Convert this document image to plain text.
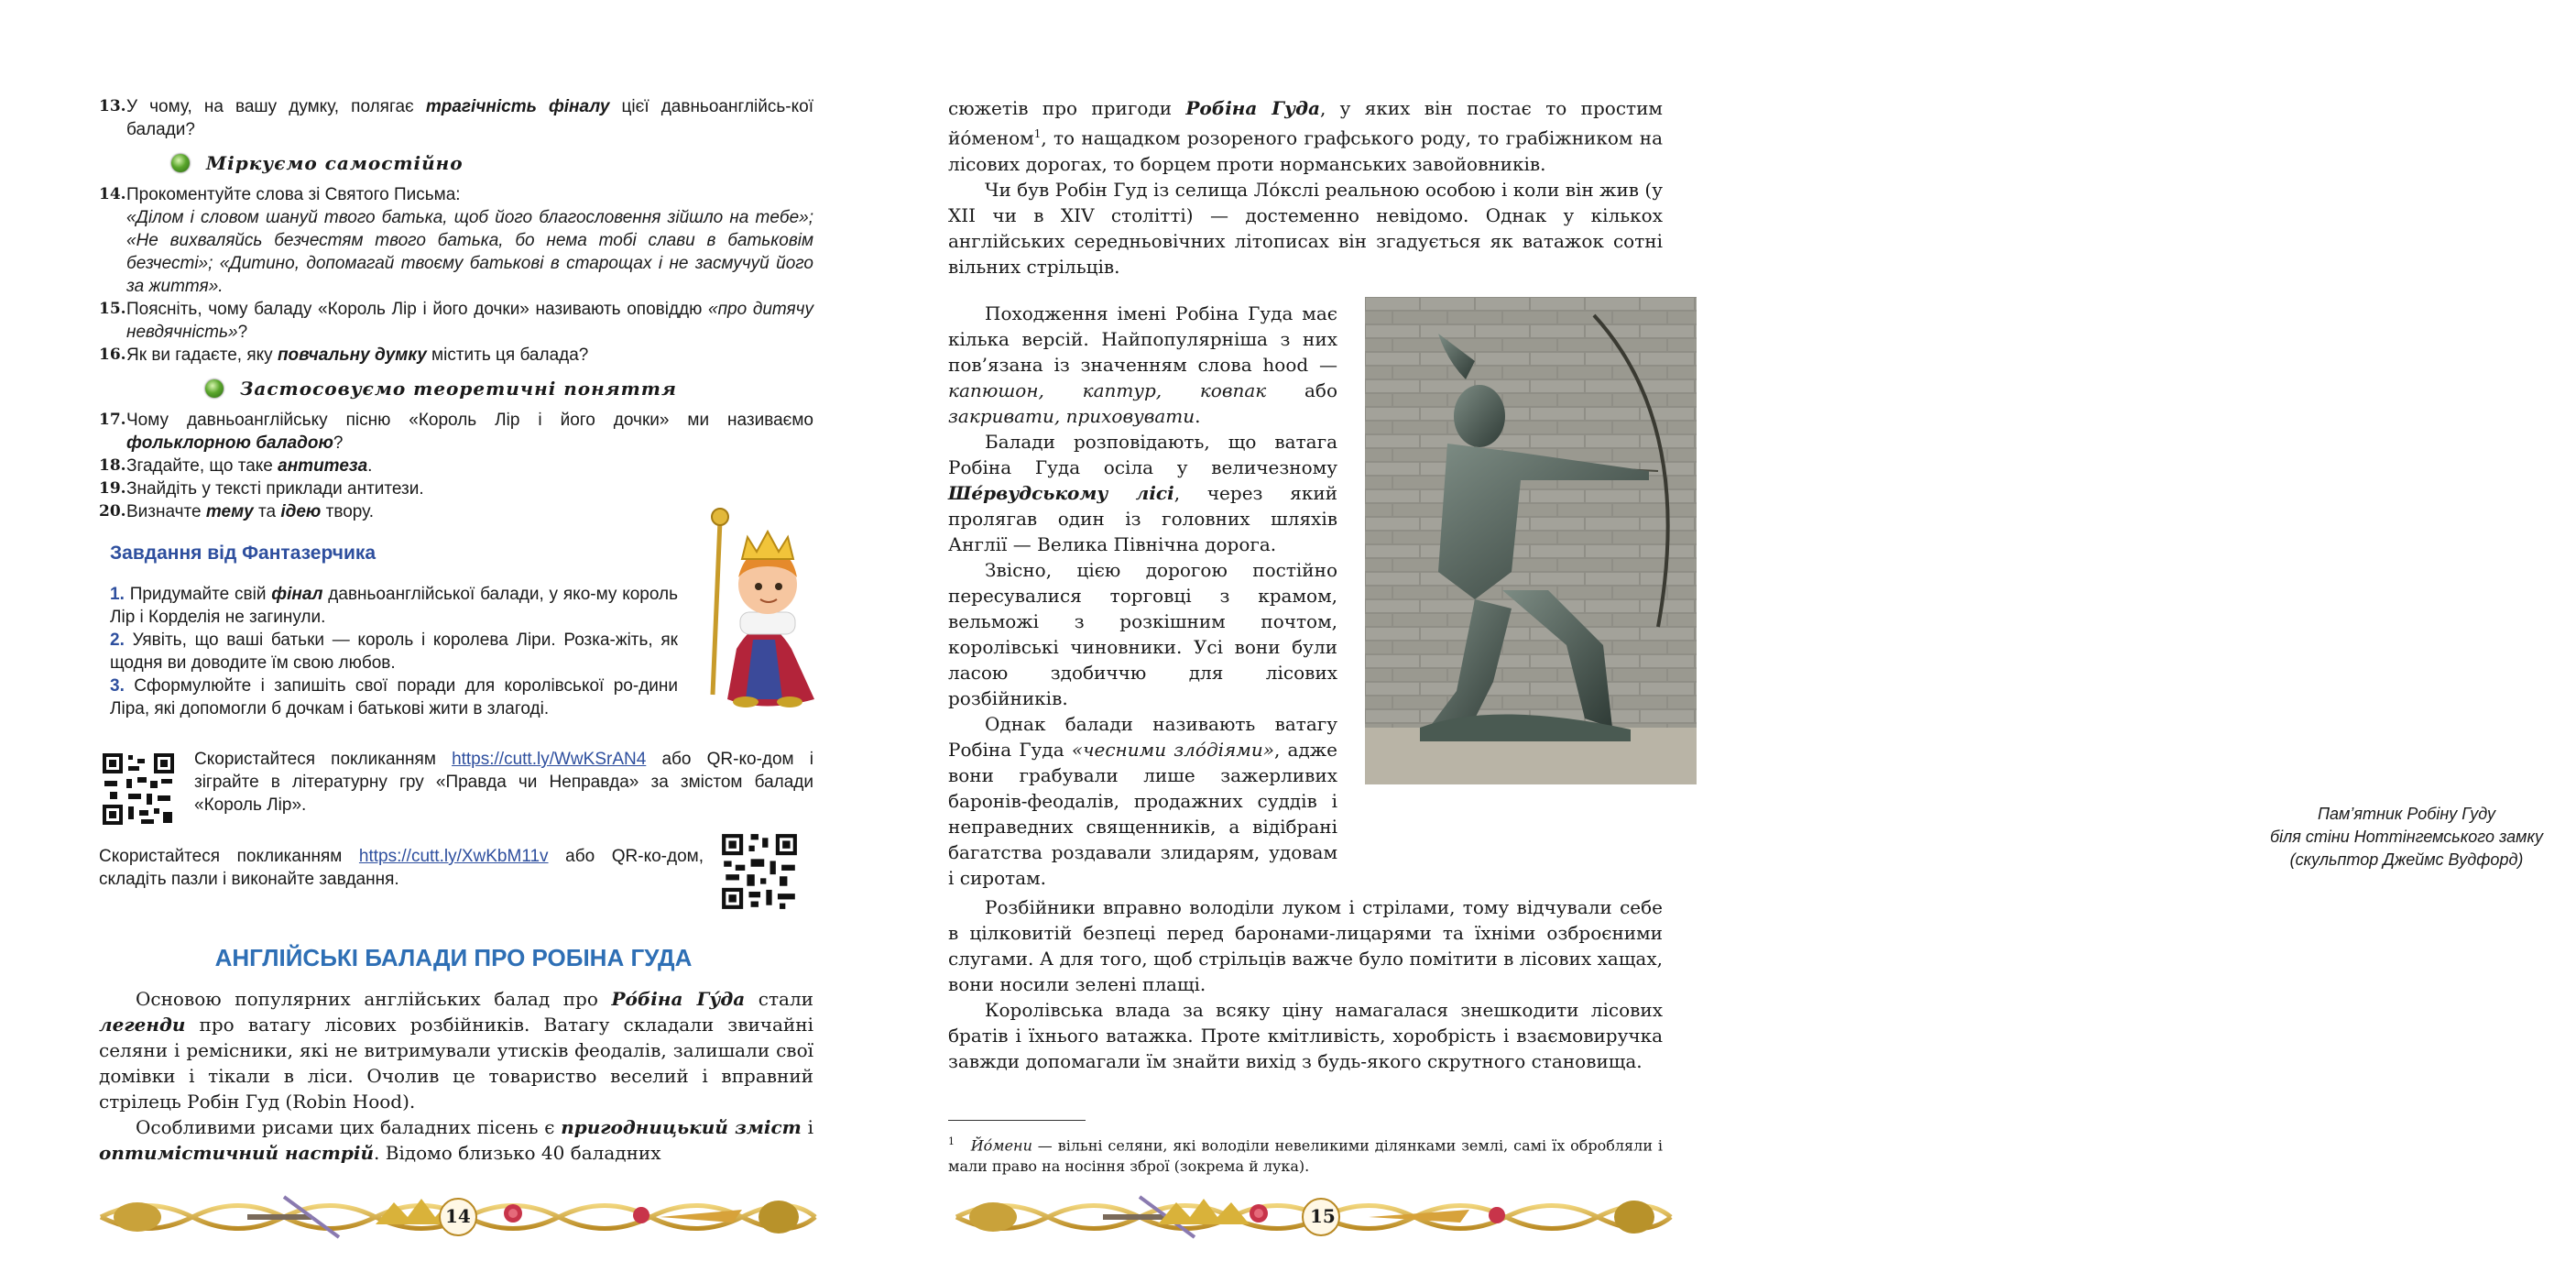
13. У чому, на вашу думку, полягає трагічність фіналу цієї давньоанглійсь-кої балади?
Міркуємо самостійно
14. Прокоментуйте слова зі Святого Письма:
«Ділом і словом шануй твого батька, щоб його благословення зійшло на тебе»; «Не вихваляйсь безчестям твого батька, бо нема тобі слави в батьковім безчесті»; «Дитино, допомагай твоєму батькові в старощах і не засмучуй його за життя».
15. Поясніть, чому баладу «Король Лір і його дочки» називають оповіддю «про дитячу невдячність»?
16. Як ви гадаєте, яку повчальну думку містить ця балада?
Застосовуємо теоретичні поняття
17. Чому давньоанглійську пісню «Король Лір і його дочки» ми називаємо фольклорною баладою?
18. Згадайте, що таке антитеза.
19. Знайдіть у тексті приклади антитези.
20. Визначте тему та ідею твору.
Завдання від Фантазерчика
1. Придумайте свій фінал давньоанглійської балади, у яко-му король Лір і Корделія не загинули.
2. Уявіть, що ваші батьки — король і королева Ліри. Розка-жіть, як щодня ви доводите їм свою любов.
3. Сформулюйте і запишіть свої поради для королівської ро-дини Ліра, які допомогли б дочкам і батькові жити в злагоді.
Скористайтеся покликанням https://cutt.ly/WwKSrAN4 або QR-ко-дом і зіграйте в літературну гру «Правда чи Неправда» за змістом балади «Король Лір».
Скористайтеся покликанням https://cutt.ly/XwKbM11v або QR-ко-дом, складіть пазли і виконайте завдання.
АНГЛІЙСЬКІ БАЛАДИ ПРО РОБІНА ГУДА

Основою популярних англійських балад про Ро́біна Гу́да стали легенди про ватагу лісових розбійників. Ватагу складали звичайні селяни і ремісники, які не витримували утисків феодалів, залишали свої домівки і тікали в ліси. Очолив це товариство веселий і вправний стрілець Робін Гуд (Robin Hood).

Особливими рисами цих баладних пісень є пригодницький зміст і оптимістичний настрій. Відомо близько 40 баладних

14

сюжетів про пригоди Робіна Гуда, у яких він постає то простим йо́меном$^1$, то нащадком розореного графського роду, то грабіжником на лісових дорогах, то борцем проти норманських завойовників.

Чи був Робін Гуд із селища Ло́кслі реальною особою і коли він жив (у XII чи в XIV столітті) — достеменно невідомо. Однак у кількох англійських середньовічних літописах він згадується як ватажок сотні вільних стрільців.

Походження імені Робіна Гуда має кілька версій. Найпопулярніша з них пов’язана із значенням слова hood — капюшон, каптур, ковпак або закривати, приховувати.

Балади розповідають, що ватага Робіна Гуда осіла у величезному Ше́рвудському лісі, через який пролягав один із головних шляхів Англії — Велика Північна дорога.

Звісно, цією дорогою постійно пересувалися торговці з крамом, вельможі з розкішним почтом, королівські чиновники. Усі вони були ласою здобиччю для лісових розбійників.

Однак балади називають ватагу Робіна Гуда «чесними зло́діями», адже вони грабували лише зажерливих баронів-феодалів, продажних суддів і неправедних священників, а відібрані багатства роздавали злидарям, удовам і сиротам.

Пам’ятник Робіну Гуду
біля стіни Ноттінгемського замку
(скульптор Джеймс Вудфорд)

Розбійники вправно володіли луком і стрілами, тому відчували себе в цілковитій безпеці перед баронами-лицарями та їхніми озброєними слугами. А для того, щоб стрільців важче було помітити в лісових хащах, вони носили зелені плащі.

Королівська влада за всяку ціну намагалася знешкодити лісових братів і їхнього ватажка. Проте кмітливість, хоробрість і взаємовиручка завжди допомагали їм знайти вихід з будь-якого скрутного становища.

$^1$ Йо́мени — вільні селяни, які володіли невеликими ділянками землі, самі їх обробляли і мали право на носіння зброї (зокрема й лука).
15
